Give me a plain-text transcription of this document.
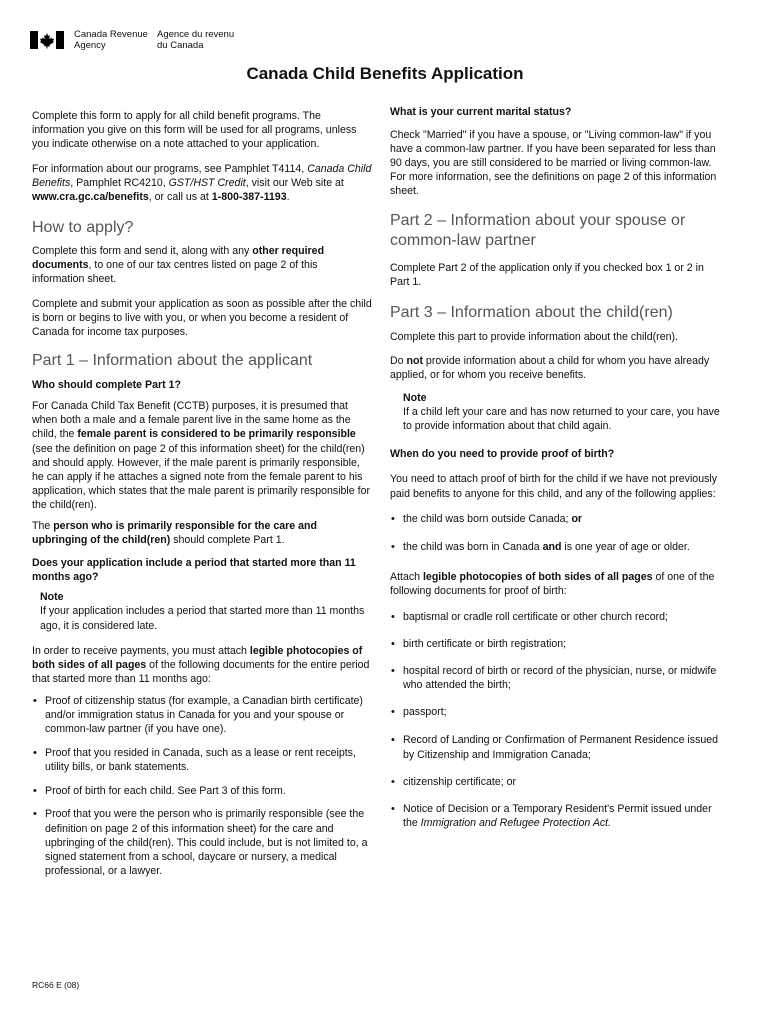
Canada Revenue
Agency
Agence du revenu
du Canada
Canada Child Benefits Application

Complete this form to apply for all child benefit programs. The information you give on this form will be used for all programs, unless you indicate otherwise on a note attached to your application.

For information about our programs, see Pamphlet T4114, Canada Child Benefits, Pamphlet RC4210, GST/HST Credit, visit our Web site at www.cra.gc.ca/benefits, or call us at 1-800-387-1193.

How to apply?

Complete this form and send it, along with any other required documents, to one of our tax centres listed on page 2 of this information sheet.

Complete and submit your application as soon as possible after the child is born or begins to live with you, or when you become a resident of Canada for income tax purposes.

Part 1 – Information about the applicant

Who should complete Part 1?

For Canada Child Tax Benefit (CCTB) purposes, it is presumed that when both a male and a female parent live in the same home as the child, the female parent is considered to be primarily responsible (see the definition on page 2 of this information sheet) for the child(ren) and should apply. However, if the male parent is primarily responsible, he can apply if he attaches a signed note from the female parent to his application, which states that the male parent is primarily responsible for the child(ren).

The person who is primarily responsible for the care and upbringing of the child(ren) should complete Part 1.

Does your application include a period that started more than 11 months ago?

Note

If your application includes a period that started more than 11 months ago, it is considered late.

In order to receive payments, you must attach legible photocopies of both sides of all pages of the following documents for the entire period that started more than 11 months ago:

• Proof of citizenship status (for example, a Canadian birth certificate) and/or immigration status in Canada for you and your spouse or common-law partner (if you have one).
• Proof that you resided in Canada, such as a lease or rent receipts, utility bills, or bank statements.
• Proof of birth for each child. See Part 3 of this form.
• Proof that you were the person who is primarily responsible (see the definition on page 2 of this information sheet) for the care and upbringing of the child(ren). This could include, but is not limited to, a signed statement from a school, daycare or nursery, a medical professional, or a lawyer.

What is your current marital status?

Check "Married" if you have a spouse, or "Living common-law" if you have a common-law partner. If you have been separated for less than 90 days, you are still considered to be married or living common-law. For more information, see the definitions on page 2 of this information sheet.

Part 2 – Information about your spouse or common-law partner

Complete Part 2 of the application only if you checked box 1 or 2 in Part 1.

Part 3 – Information about the child(ren)

Complete this part to provide information about the child(ren).

Do not provide information about a child for whom you have already applied, or for whom you receive benefits.

Note

If a child left your care and has now returned to your care, you have to provide information about that child again.

When do you need to provide proof of birth?

You need to attach proof of birth for the child if we have not previously paid benefits to anyone for this child, and any of the following applies:

• the child was born outside Canada; or
• the child was born in Canada and is one year of age or older.

Attach legible photocopies of both sides of all pages of one of the following documents for proof of birth:

• baptismal or cradle roll certificate or other church record;
• birth certificate or birth registration;
• hospital record of birth or record of the physician, nurse, or midwife who attended the birth;
• passport;
• Record of Landing or Confirmation of Permanent Residence issued by Citizenship and Immigration Canada;
• citizenship certificate; or
• Notice of Decision or a Temporary Resident's Permit issued under the Immigration and Refugee Protection Act.
RC66 E (08)
